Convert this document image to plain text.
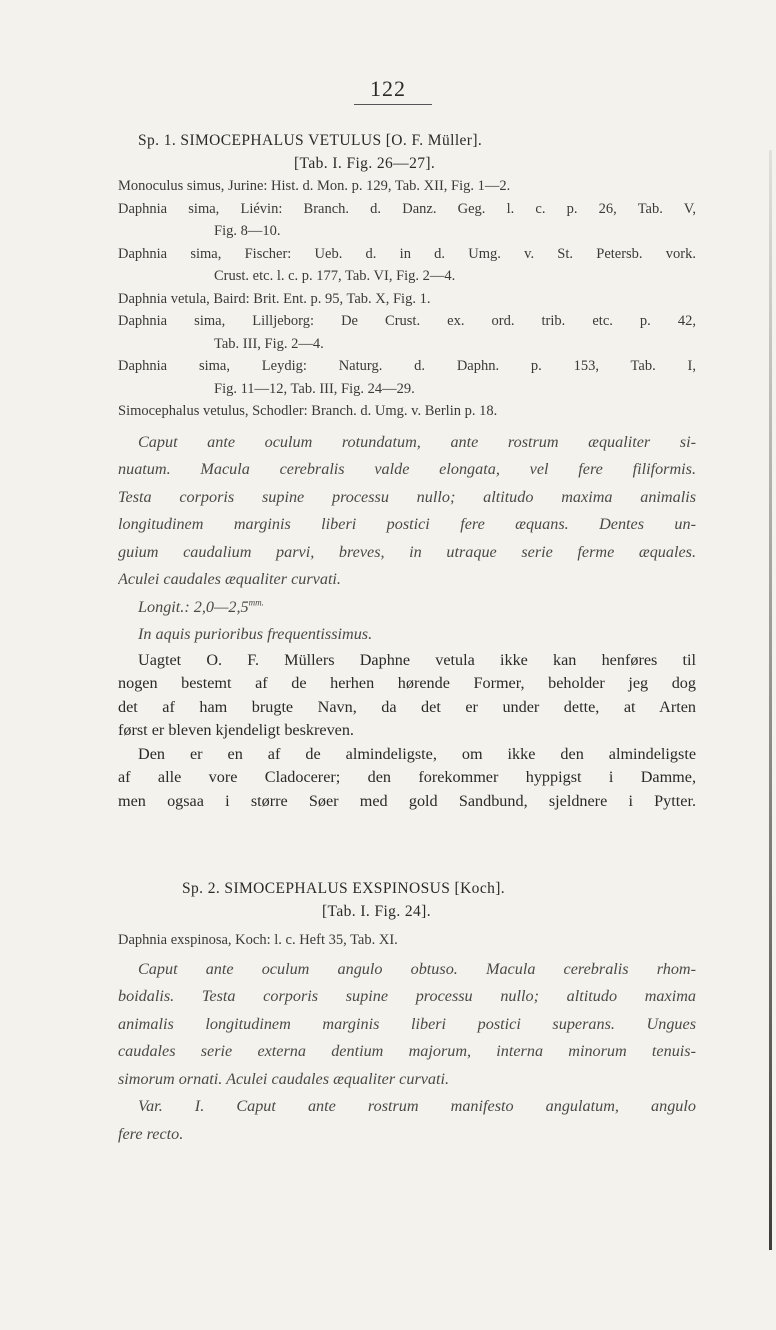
122
Sp. 1. SIMOCEPHALUS VETULUS [O. F. Müller].
[Tab. I. Fig. 26—27].
Monoculus simus, Jurine: Hist. d. Mon. p. 129, Tab. XII, Fig. 1—2.
Daphnia sima, Liévin: Branch. d. Danz. Geg. l. c. p. 26, Tab. V,
Fig. 8—10.
Daphnia sima, Fischer: Ueb. d. in d. Umg. v. St. Petersb. vork.
Crust. etc. l. c. p. 177, Tab. VI, Fig. 2—4.
Daphnia vetula, Baird: Brit. Ent. p. 95, Tab. X, Fig. 1.
Daphnia sima, Lilljeborg: De Crust. ex. ord. trib. etc. p. 42,
Tab. III, Fig. 2—4.
Daphnia sima, Leydig: Naturg. d. Daphn. p. 153, Tab. I,
Fig. 11—12, Tab. III, Fig. 24—29.
Simocephalus vetulus, Schodler: Branch. d. Umg. v. Berlin p. 18.
Caput ante oculum rotundatum, ante rostrum æqualiter si-
nuatum. Macula cerebralis valde elongata, vel fere filiformis.
Testa corporis supine processu nullo; altitudo maxima animalis
longitudinem marginis liberi postici fere æquans. Dentes un-
guium caudalium parvi, breves, in utraque serie ferme æquales.
Aculei caudales æqualiter curvati.
Longit.: $2,0—2,5^{mm.}$
In aquis purioribus frequentissimus.
Uagtet O. F. Müllers Daphne vetula ikke kan henføres til
nogen bestemt af de herhen hørende Former, beholder jeg dog
det af ham brugte Navn, da det er under dette, at Arten
først er bleven kjendeligt beskreven.
Den er en af de almindeligste, om ikke den almindeligste
af alle vore Cladocerer; den forekommer hyppigst i Damme,
men ogsaa i større Søer med gold Sandbund, sjeldnere i Pytter.
Sp. 2. SIMOCEPHALUS EXSPINOSUS [Koch].
[Tab. I. Fig. 24].
Daphnia exspinosa, Koch: l. c. Heft 35, Tab. XI.
Caput ante oculum angulo obtuso. Macula cerebralis rhom-
boidalis. Testa corporis supine processu nullo; altitudo maxima
animalis longitudinem marginis liberi postici superans. Ungues
caudales serie externa dentium majorum, interna minorum tenuis-
simorum ornati. Aculei caudales æqualiter curvati.
Var. I. Caput ante rostrum manifesto angulatum, angulo
fere recto.
